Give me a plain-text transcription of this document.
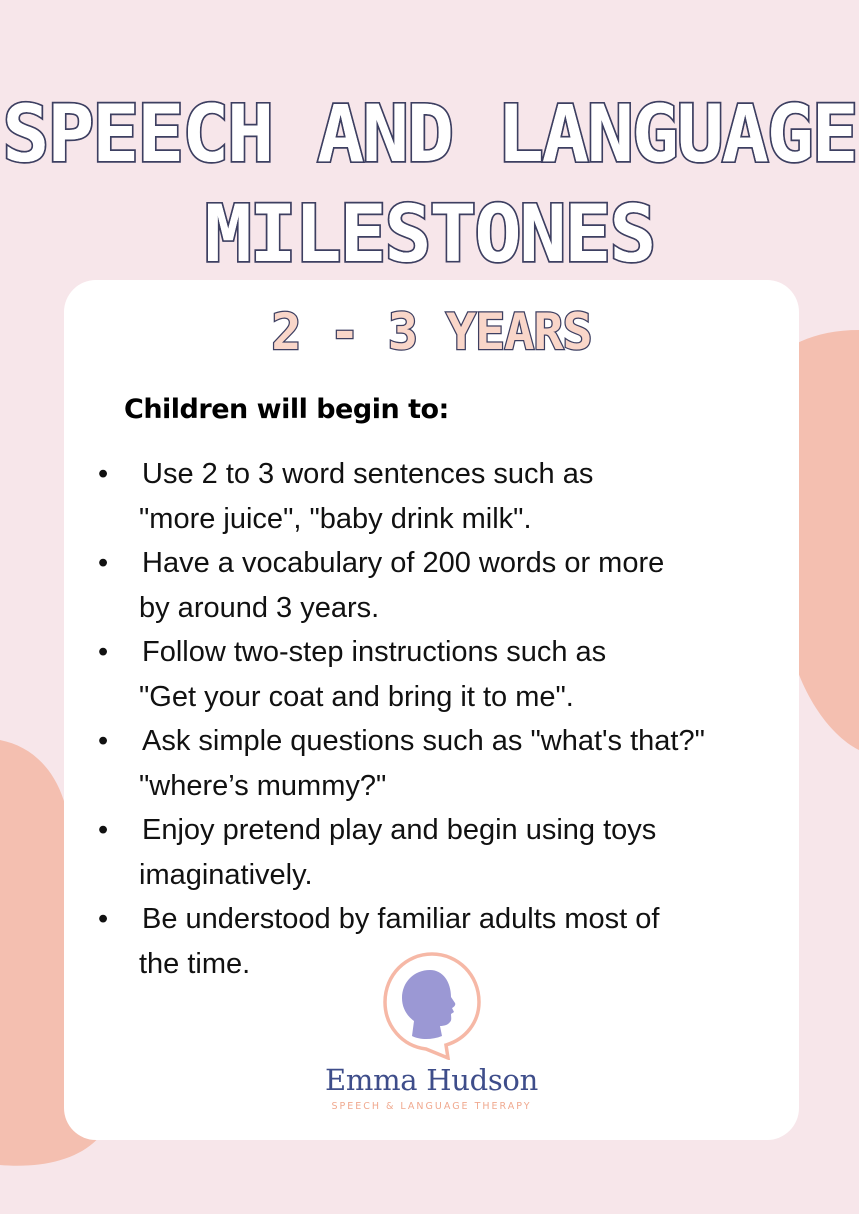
SPEECH AND LANGUAGE
MILESTONES
2 - 3 YEARS
Children will begin to:
• Use 2 to 3 word sentences such as
"more juice", "baby drink milk".
• Have a vocabulary of 200 words or more
by around 3 years.
• Follow two-step instructions such as
"Get your coat and bring it to me".
• Ask simple questions such as "what's that?"
"where’s mummy?"
• Enjoy pretend play and begin using toys
imaginatively.
• Be understood by familiar adults most of
the time.
Emma Hudson
SPEECH & LANGUAGE THERAPY
